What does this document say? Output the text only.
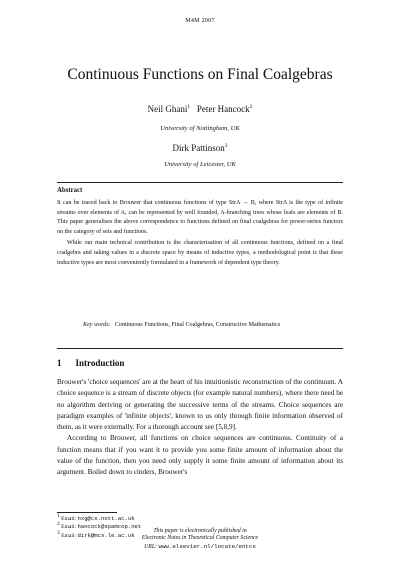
M4M 2007
Continuous Functions on Final Coalgebras
Neil Ghani$^1$ Peter Hancock$^2$
University of Nottingham, UK
Dirk Pattinson$^3$
University of Leicester, UK
Abstract

It can be traced back to Brouwer that continuous functions of type StrA → B, where StrA is the type of infinite streams over elements of A, can be represented by well founded, A-branching trees whose leafs are elements of B. This paper generalises the above correspondence to functions defined on final coalgebras for power-series functors on the category of sets and functions.

While our main technical contribution is the characterisation of all continuous functions, defined on a final coalgebra and taking values in a discrete space by means of inductive types, a methodological point is that these inductive types are most conveniently formulated in a framework of dependent type theory.

Key words: Continuous Functions, Final Coalgebras, Constructive Mathematics
1 Introduction

Brouwer's 'choice sequences' are at the heart of his intuitionistic reconstruction of the continuum. A choice sequence is a stream of discrete objects (for example natural numbers), where there need be no algorithm deriving or generating the successive terms of the streams. Choice sequences are paradigm examples of 'infinite objects', known to us only through finite information observed of them, as it were externally. For a thorough account see [5,8,9].

According to Brouwer, all functions on choice sequences are continuous. Continuity of a function means that if you want it to provide you some finite amount of information about the value of the function, then you need only supply it some finite amount of information about its argument. Boiled down to cinders, Brouwer's

$^1$ Email: nxg@cs.nott.ac.uk
$^2$ Email: hancock@spamcop.net
$^3$ Email: dirk@mcs.le.ac.uk
This paper is electronically published in
Electronic Notes in Theoretical Computer Science
URL: www.elsevier.nl/locate/entcs
